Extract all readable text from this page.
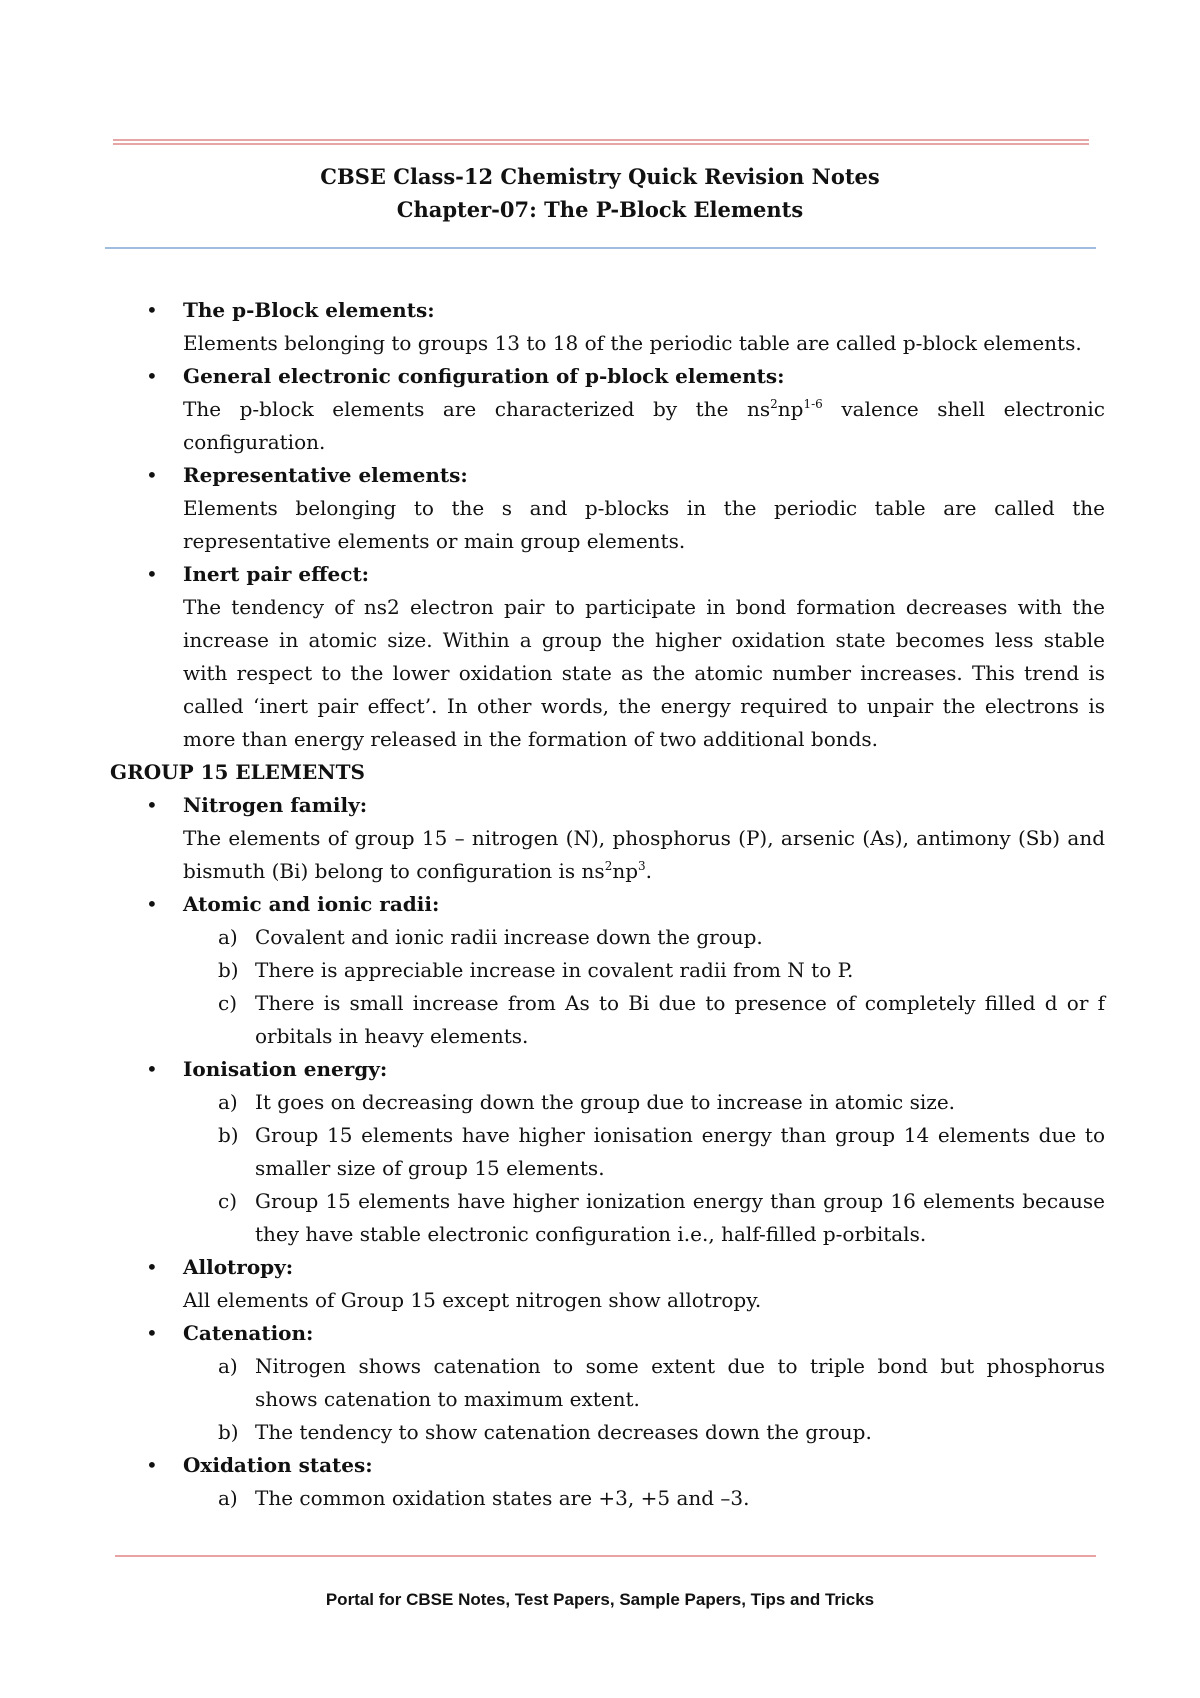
CBSE Class-12 Chemistry Quick Revision Notes
Chapter-07: The P-Block Elements
• The p-Block elements:
Elements belonging to groups 13 to 18 of the periodic table are called p-block elements.
• General electronic configuration of p-block elements:
The p-block elements are characterized by the $ns^2np^{1-6}$ valence shell electronic configuration.
• Representative elements:
Elements belonging to the s and p-blocks in the periodic table are called the representative elements or main group elements.
• Inert pair effect:
The tendency of ns2 electron pair to participate in bond formation decreases with the increase in atomic size. Within a group the higher oxidation state becomes less stable with respect to the lower oxidation state as the atomic number increases. This trend is called ‘inert pair effect’. In other words, the energy required to unpair the electrons is more than energy released in the formation of two additional bonds.
GROUP 15 ELEMENTS
• Nitrogen family:
The elements of group 15 – nitrogen (N), phosphorus (P), arsenic (As), antimony (Sb) and bismuth (Bi) belong to configuration is $ns^2np^3$.
• Atomic and ionic radii:
a) Covalent and ionic radii increase down the group.
b) There is appreciable increase in covalent radii from N to P.
c) There is small increase from As to Bi due to presence of completely filled d or f orbitals in heavy elements.
• Ionisation energy:
a) It goes on decreasing down the group due to increase in atomic size.
b) Group 15 elements have higher ionisation energy than group 14 elements due to smaller size of group 15 elements.
c) Group 15 elements have higher ionization energy than group 16 elements because they have stable electronic configuration i.e., half-filled p-orbitals.
• Allotropy:
All elements of Group 15 except nitrogen show allotropy.
• Catenation:
a) Nitrogen shows catenation to some extent due to triple bond but phosphorus shows catenation to maximum extent.
b) The tendency to show catenation decreases down the group.
• Oxidation states:
a) The common oxidation states are +3, +5 and –3.
Portal for CBSE Notes, Test Papers, Sample Papers, Tips and Tricks
